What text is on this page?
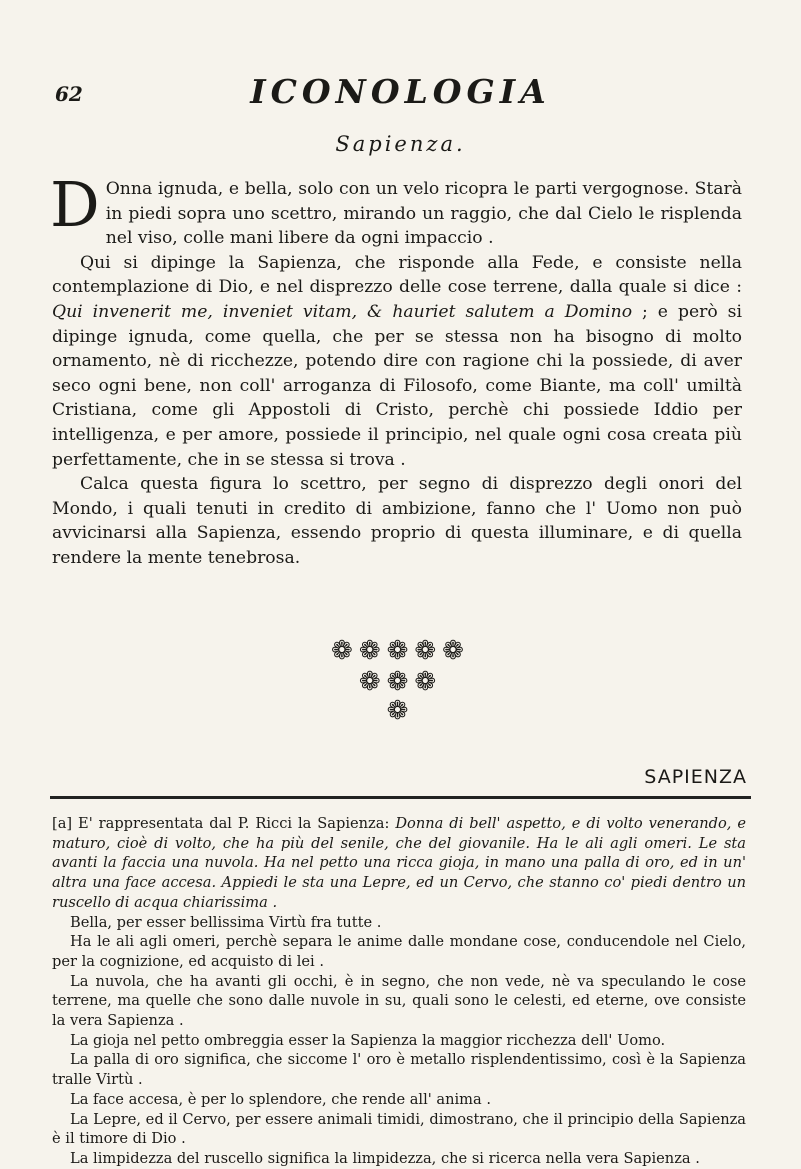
62	ICONOLOGIA
Sapienza.

D Onna ignuda, e bella, solo con un velo ricopra le parti vergognose. Starà in piedi sopra uno scettro, mirando un raggio, che dal Cielo le risplenda nel viso, colle mani libere da ogni impaccio .

Qui si dipinge la Sapienza, che risponde alla Fede, e consiste nella contemplazione di Dio, e nel disprezzo delle cose terrene, dalla quale si dice : Qui invenerit me, inveniet vitam, & hauriet salutem a Domino ; e però si dipinge ignuda, come quella, che per se stessa non ha bisogno di molto ornamento, nè di ricchezze, potendo dire con ragione chi la possiede, di aver seco ogni bene, non coll' arroganza di Filosofo, come Biante, ma coll' umiltà Cristiana, come gli Appostoli di Cristo, perchè chi possiede Iddio per intelligenza, e per amore, possiede il principio, nel quale ogni cosa creata più perfettamente, che in se stessa si trova .

Calca questa figura lo scettro, per segno di disprezzo degli onori del Mondo, i quali tenuti in credito di ambizione, fanno che l' Uomo non può avvicinarsi alla Sapienza, essendo proprio di questa illuminare, e di quella rendere la mente tenebrosa.

❁❁❁❁❁
❁❁❁
❁
SAPIENZA

[a] E' rappresentata dal P. Ricci la Sapienza: Donna di bell' aspetto, e di volto venerando, e maturo, cioè di volto, che ha più del senile, che del giovanile. Ha le ali agli omeri. Le sta avanti la faccia una nuvola. Ha nel petto una ricca gioja, in mano una palla di oro, ed in un' altra una face accesa. Appiedi le sta una Lepre, ed un Cervo, che stanno co' piedi dentro un ruscello di acqua chiarissima .

Bella, per esser bellissima Virtù fra tutte .

Ha le ali agli omeri, perchè separa le anime dalle mondane cose, conducendole nel Cielo, per la cognizione, ed acquisto di lei .

La nuvola, che ha avanti gli occhi, è in segno, che non vede, nè va speculando le cose terrene, ma quelle che sono dalle nuvole in su, quali sono le celesti, ed eterne, ove consiste la vera Sapienza .

La gioja nel petto ombreggia esser la Sapienza la maggior ricchezza dell' Uomo.

La palla di oro significa, che siccome l' oro è metallo risplendentissimo, così è la Sapienza tralle Virtù .

La face accesa, è per lo splendore, che rende all' anima .

La Lepre, ed il Cervo, per essere animali timidi, dimostrano, che il principio della Sapienza è il timore di Dio .

La limpidezza del ruscello significa la limpidezza, che si ricerca nella vera Sapienza .
